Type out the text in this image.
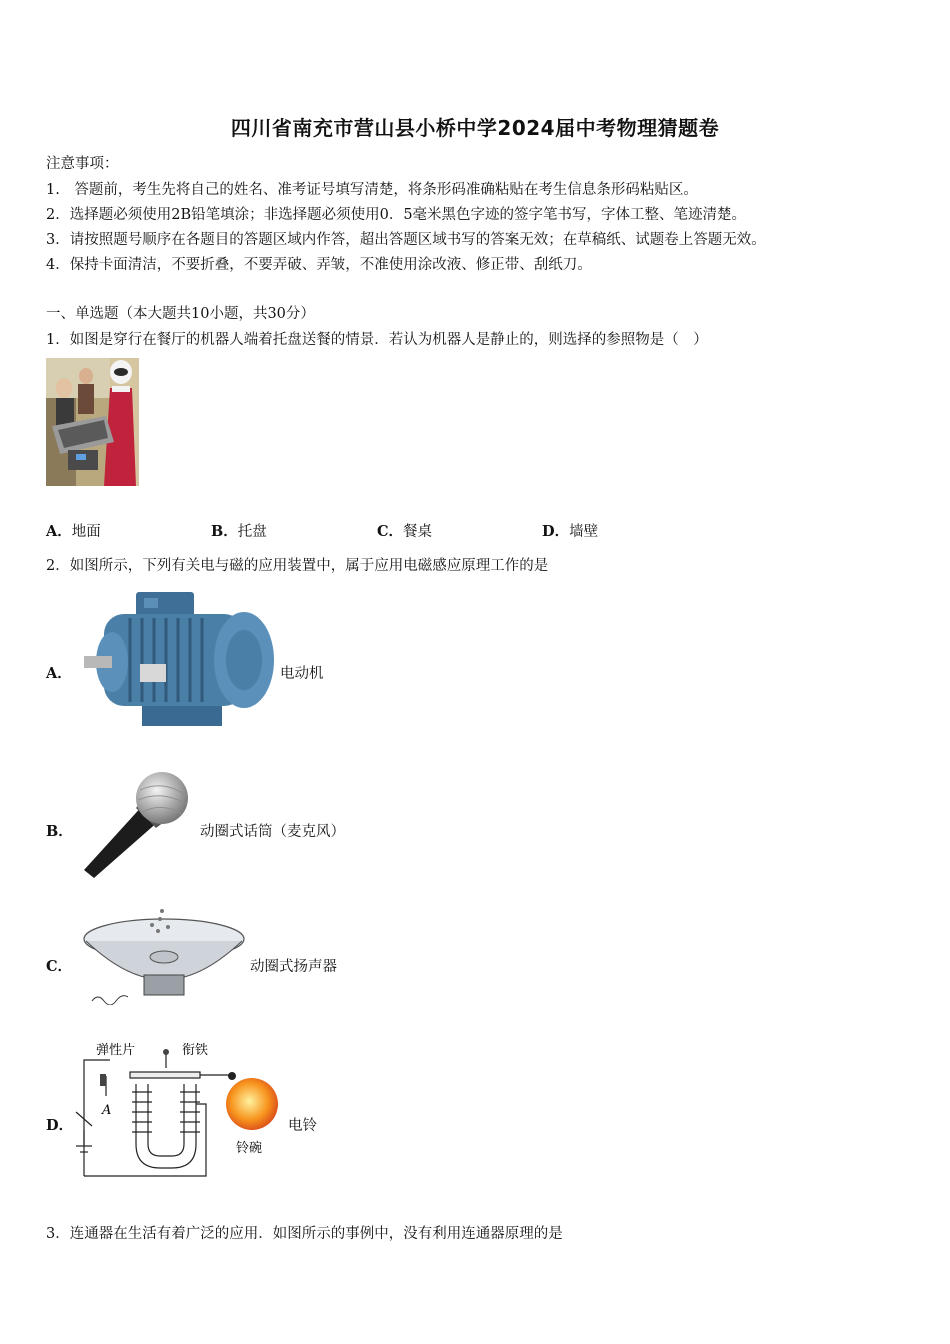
四川省南充市营山县小桥中学2024届中考物理猜题卷
注意事项：
1.　答题前，考生先将自己的姓名、准考证号填写清楚，将条形码准确粘贴在考生信息条形码粘贴区。
2．选择题必须使用2B铅笔填涂；非选择题必须使用0．5毫米黑色字迹的签字笔书写，字体工整、笔迹清楚。
3．请按照题号顺序在各题目的答题区域内作答，超出答题区域书写的答案无效；在草稿纸、试题卷上答题无效。
4．保持卡面清洁，不要折叠，不要弄破、弄皱，不准使用涂改液、修正带、刮纸刀。
一、单选题（本大题共10小题，共30分）
1．如图是穿行在餐厅的机器人端着托盘送餐的情景．若认为机器人是静止的，则选择的参照物是（　）
A．地面	B．托盘	C．餐桌	D．墙壁
2．如图所示，下列有关电与磁的应用装置中，属于应用电磁感应原理工作的是
A．	电动机
B．	动圈式话筒（麦克风）
C．	动圈式扬声器
D．
弹性片	衔铁
A
铃碗
电铃
3．连通器在生活有着广泛的应用．如图所示的事例中，没有利用连通器原理的是
